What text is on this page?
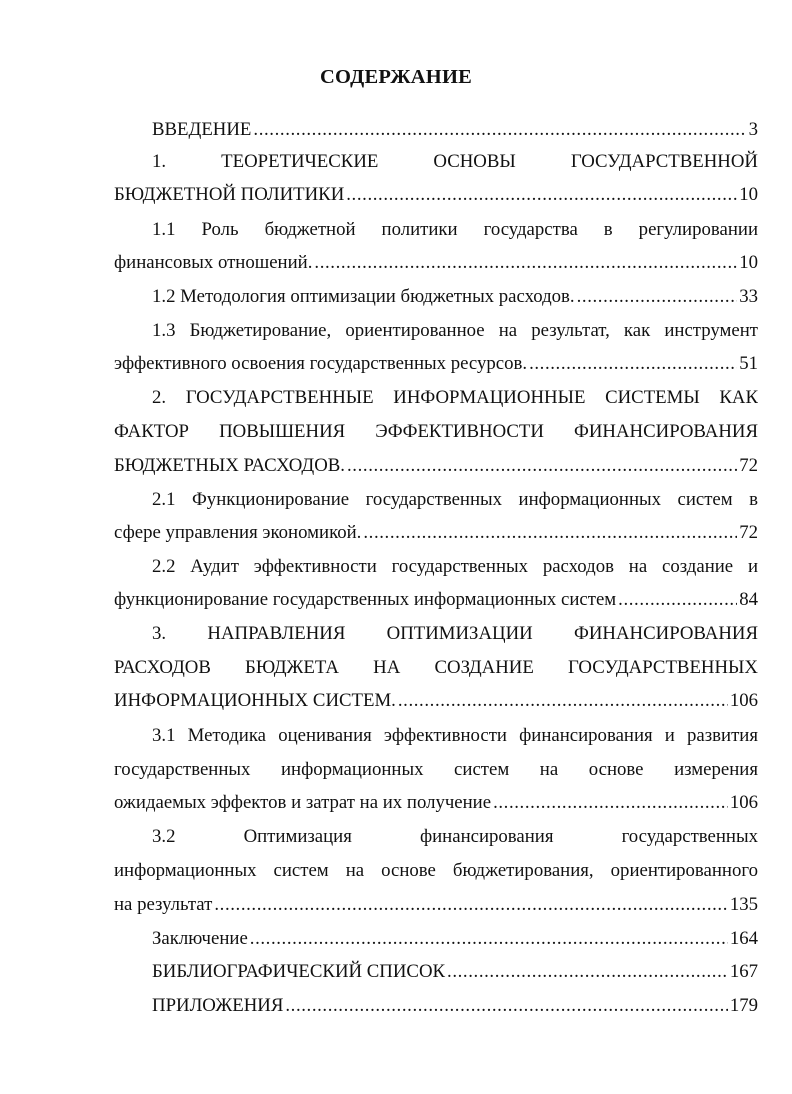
СОДЕРЖАНИЕ
ВВЕДЕНИЕ .....	3
1. ТЕОРЕТИЧЕСКИЕ ОСНОВЫ ГОСУДАРСТВЕННОЙ
БЮДЖЕТНОЙ ПОЛИТИКИ .....	10
1.1 Роль бюджетной политики государства в регулировании
финансовых отношений. .....	10
1.2 Методология оптимизации бюджетных расходов. .....	33
1.3 Бюджетирование, ориентированное на результат, как инструмент
эффективного освоения государственных ресурсов. .....	51
2. ГОСУДАРСТВЕННЫЕ ИНФОРМАЦИОННЫЕ СИСТЕМЫ КАК
ФАКТОР ПОВЫШЕНИЯ ЭФФЕКТИВНОСТИ ФИНАНСИРОВАНИЯ
БЮДЖЕТНЫХ РАСХОДОВ. .....	72
2.1 Функционирование государственных информационных систем в
сфере управления экономикой. .....	72
2.2 Аудит эффективности государственных расходов на создание и
функционирование государственных информационных систем .....	84
3. НАПРАВЛЕНИЯ ОПТИМИЗАЦИИ ФИНАНСИРОВАНИЯ
РАСХОДОВ БЮДЖЕТА НА СОЗДАНИЕ ГОСУДАРСТВЕННЫХ
ИНФОРМАЦИОННЫХ СИСТЕМ. .....	106
3.1 Методика оценивания эффективности финансирования и развития
государственных информационных систем на основе измерения
ожидаемых эффектов и затрат на их получение .....	106
3.2 Оптимизация финансирования государственных
информационных систем на основе бюджетирования, ориентированного
на результат .....	135
Заключение .....	164
БИБЛИОГРАФИЧЕСКИЙ СПИСОК .....	167
ПРИЛОЖЕНИЯ .....	179
